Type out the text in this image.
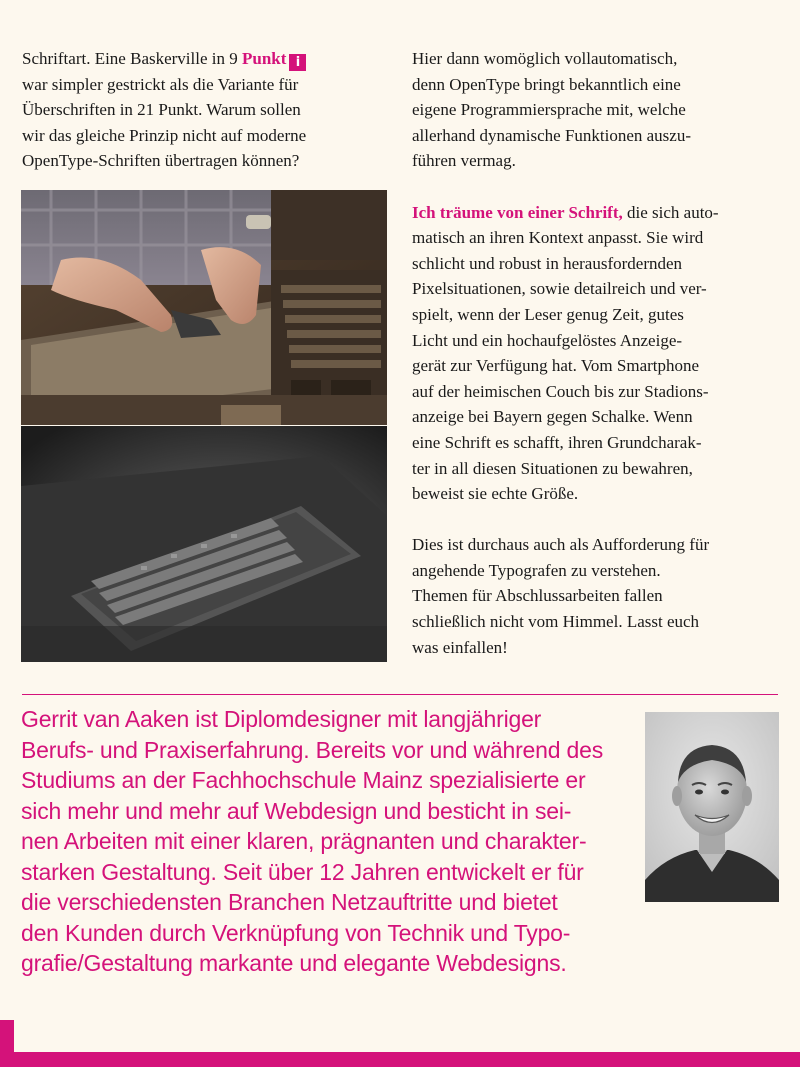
Schriftart. Eine Baskerville in 9 Punkt i

war simpler gestrickt als die Variante für

Überschriften in 21 Punkt. Warum sollen

wir das gleiche Prinzip nicht auf moderne

OpenType-Schriften übertragen können?

Hier dann womöglich vollautomatisch,

denn OpenType bringt bekanntlich eine

eigene Programmiersprache mit, welche

allerhand dynamische Funktionen auszu-

führen vermag.

Ich träume von einer Schrift, die sich auto-

matisch an ihren Kontext anpasst. Sie wird

schlicht und robust in herausfordernden

Pixelsituationen, sowie detailreich und ver-

spielt, wenn der Leser genug Zeit, gutes

Licht und ein hochaufgelöstes Anzeige-

gerät zur Verfügung hat. Vom Smartphone

auf der heimischen Couch bis zur Stadions-

anzeige bei Bayern gegen Schalke. Wenn

eine Schrift es schafft, ihren Grundcharak-

ter in all diesen Situationen zu bewahren,

beweist sie echte Größe.

Dies ist durchaus auch als Aufforderung für

angehende Typografen zu verstehen.

Themen für Abschlussarbeiten fallen

schließlich nicht vom Himmel. Lasst euch

was einfallen!

Gerrit van Aaken ist Diplomdesigner mit langjähriger

Berufs- und Praxiserfahrung. Bereits vor und während des

Studiums an der Fachhochschule Mainz spezialisierte er

sich mehr und mehr auf Webdesign und besticht in sei-

nen Arbeiten mit einer klaren, prägnanten und charakter-

starken Gestaltung. Seit über 12 Jahren entwickelt er für

die verschiedensten Branchen Netzauftritte und bietet

den Kunden durch Verknüpfung von Technik und Typo-

grafie/Gestaltung markante und elegante Webdesigns.
